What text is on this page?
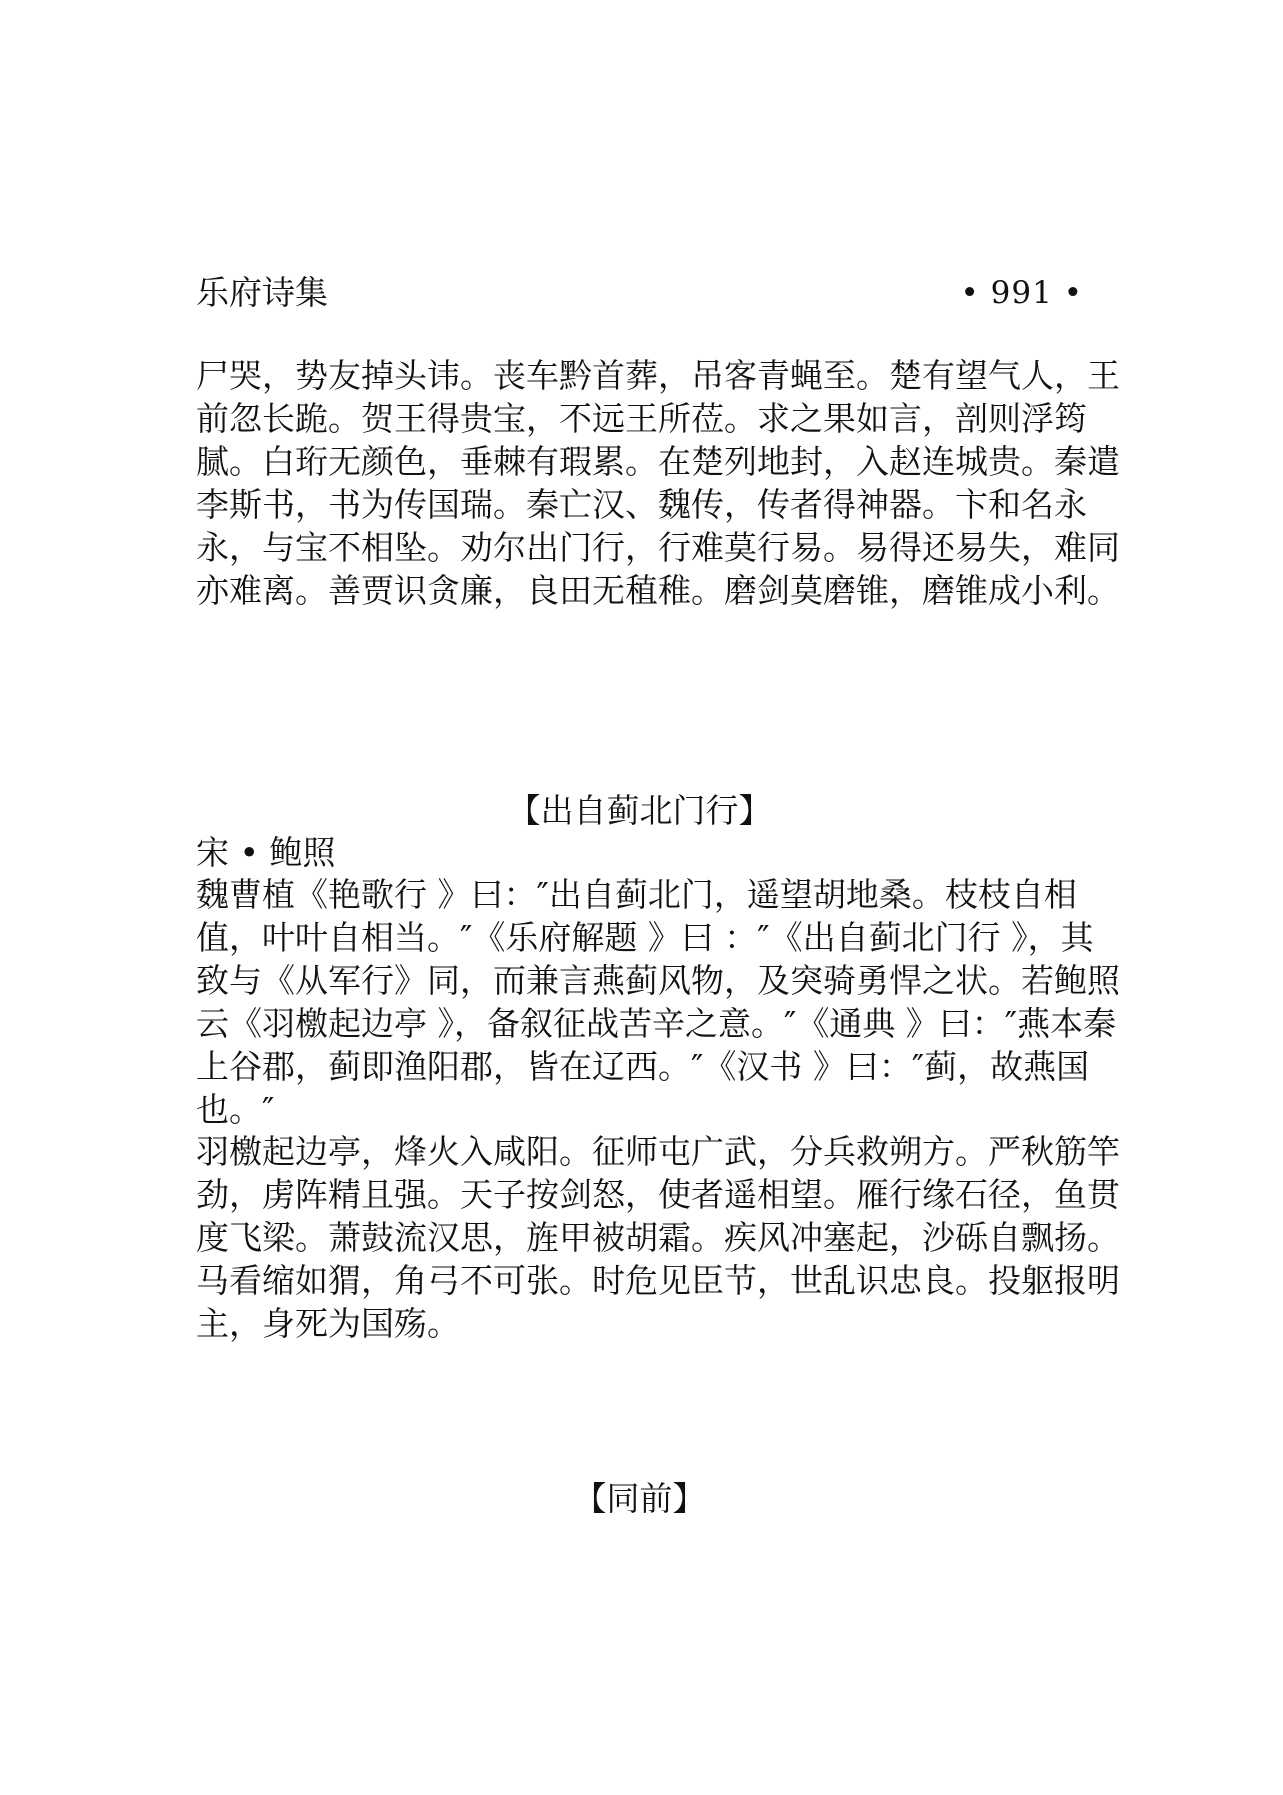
乐府诗集	• 991 •
尸哭，势友掉头讳。丧车黔首葬，吊客青蝇至。楚有望气人，王前忽长跪。贺王得贵宝，不远王所莅。求之果如言，剖则浮筠腻。白珩无颜色，垂棘有瑕累。在楚列地封，入赵连城贵。秦遣李斯书，书为传国瑞。秦亡汉、魏传，传者得神器。卞和名永永，与宝不相坠。劝尔出门行，行难莫行易。易得还易失，难同亦难离。善贾识贪廉，良田无稙稚。磨剑莫磨锥，磨锥成小利。
【出自蓟北门行】
宋 • 鲍照
魏曹植《艳歌行 》曰：″出自蓟北门，遥望胡地桑。枝枝自相值，叶叶自相当。″《乐府解题 》曰 ：″《出自蓟北门行 》，其致与《从军行》同，而兼言燕蓟风物，及突骑勇悍之状。若鲍照云《羽檄起边亭 》，备叙征战苦辛之意。″《通典 》曰：″燕本秦上谷郡，蓟即渔阳郡，皆在辽西。″《汉书 》曰：″蓟，故燕国也。″
羽檄起边亭，烽火入咸阳。征师屯广武，分兵救朔方。严秋筋竿劲，虏阵精且强。天子按剑怒，使者遥相望。雁行缘石径，鱼贯度飞梁。萧鼓流汉思，旌甲被胡霜。疾风冲塞起，沙砾自飘扬。马看缩如猬，角弓不可张。时危见臣节，世乱识忠良。投躯报明主，身死为国殇。
【同前】
